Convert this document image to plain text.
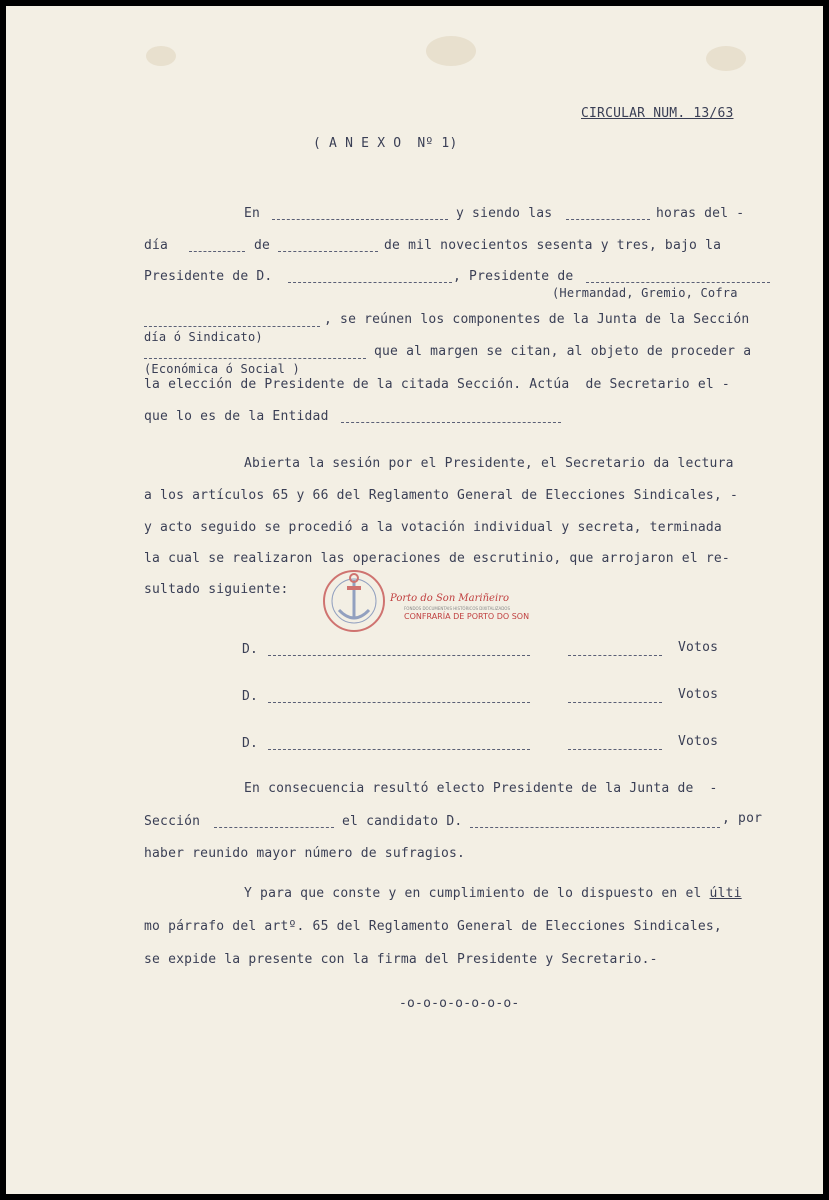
CIRCULAR NUM. 13/63
( A N E X O  Nº 1)
En	y siendo las	horas del -
día	de	de mil novecientos sesenta y tres, bajo la
Presidente de D.	, Presidente de
(Hermandad, Gremio, Cofra
, se reúnen los componentes de la Junta de la Sección
día ó Sindicato)
que al margen se citan, al objeto de proceder a
(Económica ó Social )
la elección de Presidente de la citada Sección. Actúa  de Secretario el -
que lo es de la Entidad
Abierta la sesión por el Presidente, el Secretario da lectura
a los artículos 65 y 66 del Reglamento General de Elecciones Sindicales, -
y acto seguido se procedió a la votación individual y secreta, terminada
la cual se realizaron las operaciones de escrutinio, que arrojaron el re-
sultado siguiente:
Porto do Son Mariñeiro
FONDOS DOCUMENTAIS HISTÓRICOS DIXITALIZADOS
CONFRARÍA DE PORTO DO SON
D.	Votos
D.	Votos
D.	Votos
En consecuencia resultó electo Presidente de la Junta de  -
Sección	el candidato D.	, por
haber reunido mayor número de sufragios.
Y para que conste y en cumplimiento de lo dispuesto en el últi
mo párrafo del artº. 65 del Reglamento General de Elecciones Sindicales,
se expide la presente con la firma del Presidente y Secretario.-
-o-o-o-o-o-o-o-
